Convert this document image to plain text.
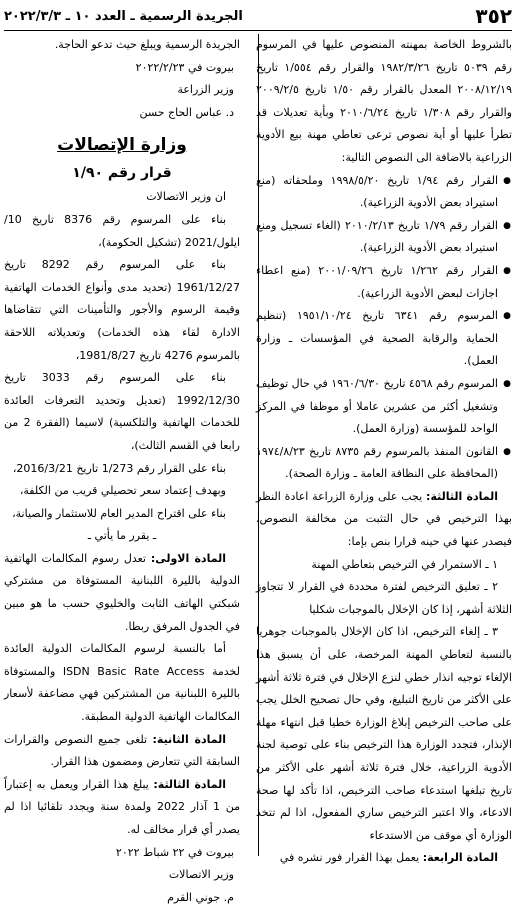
٣٥٢
الجريدة الرسمية ـ العدد ١٠ ـ ٢٠٢٢/٣/٣

بالشروط الخاصة بمهنته المنصوص عليها في المرسوم رقم ٥٠٣٩ تاريخ ١٩٨٢/٣/٢٦ والقرار رقم ١/٥٥٤ تاريخ ٢٠٠٨/١٢/١٩ المعدل بالقرار رقم ١/٥٠ تاريخ ٢٠٠٩/٢/٥ والقرار رقم ١/٣٠٨ تاريخ ٢٠١٠/٦/٢٤ وبأية تعديلات قد تطرأ عليها أو أية نصوص ترعى تعاطي مهنة بيع الأدوية الزراعية بالاضافة الى النصوص التالية:

● القرار رقم ١/٩٤ تاريخ ١٩٩٨/٥/٢٠ وملحقاته (منع استيراد بعض الأدوية الزراعية).

● القرار رقم ١/٧٩ تاريخ ٢٠١٠/٢/١٣ (الغاء تسجيل ومنع استيراد بعض الأدوية الزراعية).

● القرار رقم ١/٢٦٢ تاريخ ٢٠٠١/٠٩/٢٦ (منع اعطاء اجازات لبعض الأدوية الزراعية).

● المرسوم رقم ٦٣٤١ تاريخ ١٩٥١/١٠/٢٤ (تنظيم الحماية والرقابة الصحية في المؤسسات ـ وزارة العمل).

● المرسوم رقم ٤٥٦٨ تاريخ ١٩٦٠/٦/٣٠ في حال توظيف وتشغيل أكثر من عشرين عاملا أو موظفا في المركز الواحد للمؤسسة (وزارة العمل).

● القانون المنفذ بالمرسوم رقم ٨٧٣٥ تاريخ ١٩٧٤/٨/٢٣ (المحافظة على النظافة العامة ـ وزارة الصحة).

المادة الثالثة: يجب على وزارة الزراعة اعادة النظر بهذا الترخيص في حال التثبت من مخالفة النصوص، فيصدر عنها في حينه قرارا بنص بإما:

١ ـ الاستمرار في الترخيص بتعاطي المهنة

٢ ـ تعليق الترخيص لفترة محددة في القرار لا تتجاوز الثلاثة أشهر، إذا كان الإخلال بالموجبات شكليا

٣ ـ إلغاء الترخيص، اذا كان الإخلال بالموجبات جوهريا بالنسبة لتعاطي المهنة المرخصة، على أن يسبق هذا الإلغاء توجيه انذار خطي لنزع الإخلال في فترة ثلاثة أشهر على الأكثر من تاريخ التبليغ، وفي حال تصحيح الخلل يجب على صاحب الترخيص إبلاغ الوزارة خطيا قبل انتهاء مهلة الإنذار، فتجدد الوزارة هذا الترخيص بناء على توصية لجنة الأدوية الزراعية، خلال فترة ثلاثة أشهر على الأكثر من تاريخ تبلغها استدعاء صاحب الترخيص، اذا تأكد لها صحة الادعاء، والا اعتبر الترخيص ساري المفعول، اذا لم تتخذ الوزارة أي موقف من الاستدعاء

المادة الرابعة: يعمل بهذا القرار فور نشره في

الجريدة الرسمية ويبلغ حيث تدعو الحاجة.

بيروت في ٢٠٢٢/٢/٢٣

وزير الزراعة

د. عباس الحاج حسن

وزارة الإتصالات
قرار رقم ١/٩٠

ان وزير الاتصالات

بناء على المرسوم رقم 8376 تاريخ 10/ايلول/2021 (تشكيل الحكومة)،

بناء على المرسوم رقم 8292 تاريخ 1961/12/27 (تحديد مدى وأنواع الخدمات الهاتفية وقيمة الرسوم والأجور والتأمينات التي تتقاضاها الادارة لقاء هذه الخدمات) وتعديلاته اللاحقة بالمرسوم 4276 تاريخ 1981/8/27،

بناء على المرسوم رقم 3033 تاريخ 1992/12/30 (تعديل وتحديد التعرفات العائدة للخدمات الهاتفية والتلكسية) لاسيما (الفقرة 2 من رابعا في القسم الثالث)،

بناء على القرار رقم 1/273 تاريخ 2016/3/21،

وبهدف إعتماد سعر تحصيلي قريب من الكلفة،

بناء على اقتراح المدير العام للاستثمار والصيانة،

ـ يقرر ما يأتي ـ

المادة الاولى: تعدل رسوم المكالمات الهاتفية الدولية بالليرة اللبنانية المستوفاة من مشتركي شبكتي الهاتف الثابت والخليوي حسب ما هو مبين في الجدول المرفق ربطا.

أما بالنسبة لرسوم المكالمات الدولية العائدة لخدمة ISDN Basic Rate Access والمستوفاة بالليرة اللبنانية من المشتركين فهي مضاعفة لأسعار المكالمات الهاتفية الدولية المطبقة.

المادة الثانية: تلغى جميع النصوص والقرارات السابقة التي تتعارض ومضمون هذا القرار.

المادة الثالثة: يبلغ هذا القرار ويعمل به إعتباراً من 1 آذار 2022 ولمدة سنة ويجدد تلقائيا اذا لم يصدر أي قرار مخالف له.

بيروت في ٢٢ شباط ٢٠٢٢

وزير الاتصالات

م. جوني القرم
